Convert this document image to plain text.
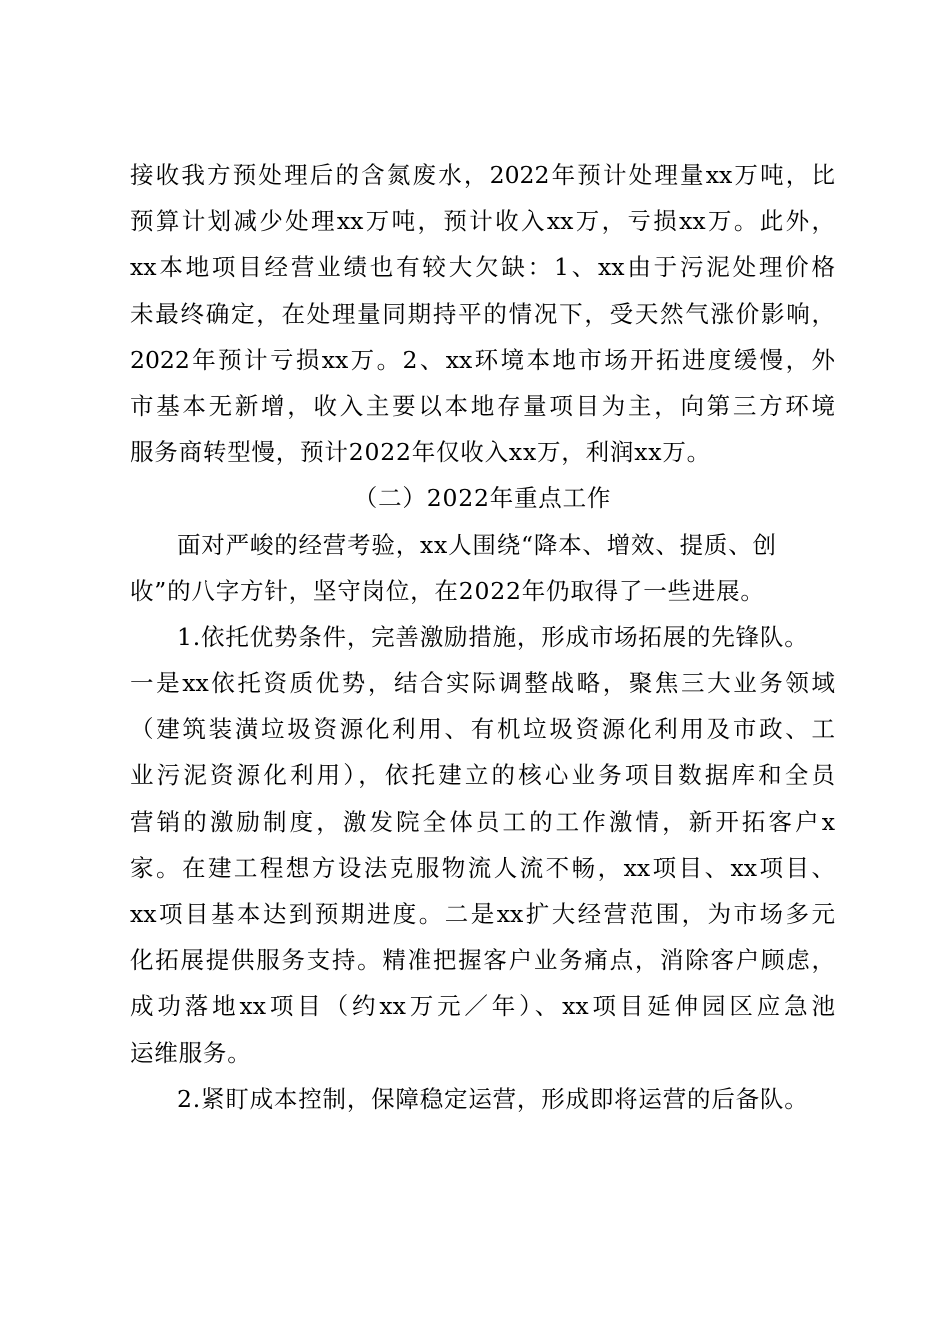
接收我方预处理后的含氮废水，2022年预计处理量xx万吨，比
预算计划减少处理xx万吨，预计收入xx万，亏损xx万。此外，
xx本地项目经营业绩也有较大欠缺：1、xx由于污泥处理价格
未最终确定，在处理量同期持平的情况下，受天然气涨价影响，
2022年预计亏损xx万。2、xx环境本地市场开拓进度缓慢，外
市基本无新增，收入主要以本地存量项目为主，向第三方环境
服务商转型慢，预计2022年仅收入xx万，利润xx万。
（二）2022年重点工作
面对严峻的经营考验，xx人围绕“降本、增效、提质、创
收”的八字方针，坚守岗位，在2022年仍取得了一些进展。
1.依托优势条件，完善激励措施，形成市场拓展的先锋队。
一是xx依托资质优势，结合实际调整战略，聚焦三大业务领域
（建筑装潢垃圾资源化利用、有机垃圾资源化利用及市政、工
业污泥资源化利用），依托建立的核心业务项目数据库和全员
营销的激励制度，激发院全体员工的工作激情，新开拓客户x
家。在建工程想方设法克服物流人流不畅，xx项目、xx项目、
xx项目基本达到预期进度。二是xx扩大经营范围，为市场多元
化拓展提供服务支持。精准把握客户业务痛点，消除客户顾虑，
成功落地xx项目（约xx万元／年）、xx项目延伸园区应急池
运维服务。
2.紧盯成本控制，保障稳定运营，形成即将运营的后备队。
